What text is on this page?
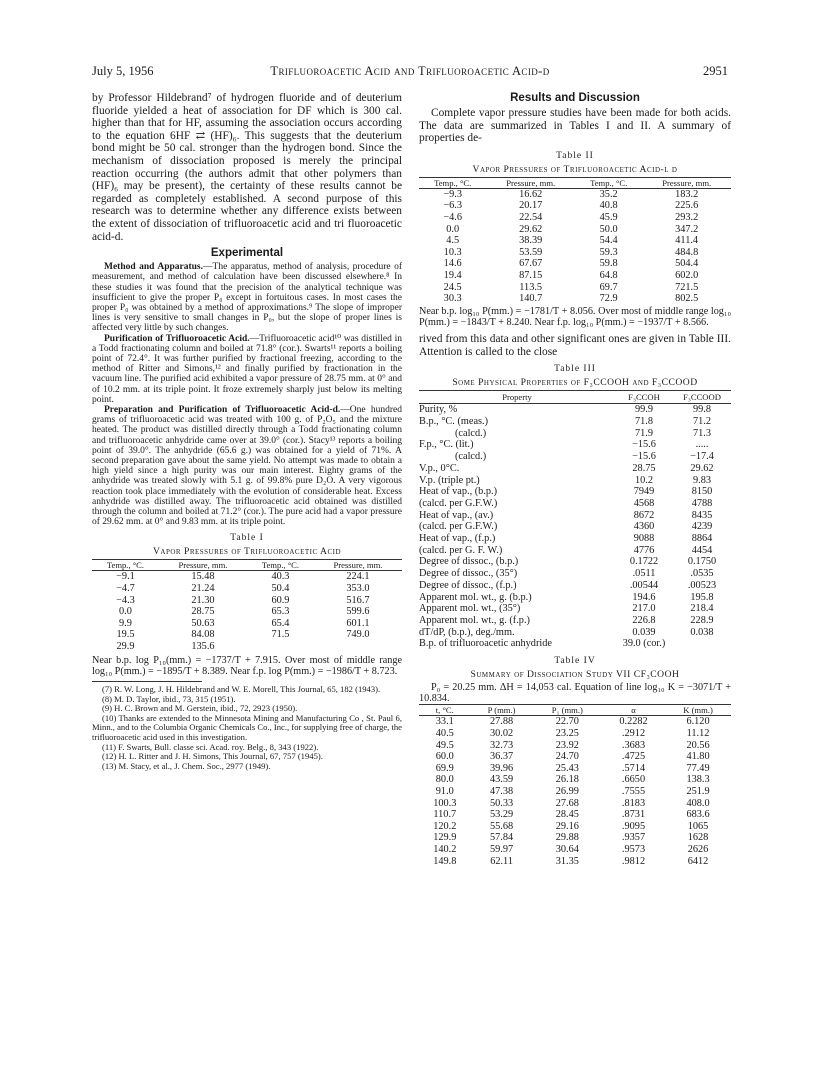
July 5, 1956	Trifluoroacetic Acid and Trifluoroacetic Acid-d	2951

by Professor Hildebrand⁷ of hydrogen fluoride and of deuterium fluoride yielded a heat of association for DF which is 300 cal. higher than that for HF, assuming the association occurs according to the equation 6HF ⇄ (HF)₆. This suggests that the deuterium bond might be 50 cal. stronger than the hydrogen bond. Since the mechanism of dissociation proposed is merely the principal reaction occurring (the authors admit that other polymers than (HF)₆ may be present), the certainty of these results cannot be regarded as completely established. A second purpose of this research was to determine whether any difference exists between the extent of dissociation of trifluoroacetic acid and tri fluoroacetic acid-d.

Experimental

Method and Apparatus.—The apparatus, method of analysis, procedure of measurement, and method of calculation have been discussed elsewhere.⁸ In these studies it was found that the precision of the analytical technique was insufficient to give the proper P₀ except in fortuitous cases. In most cases the proper P₀ was obtained by a method of approximations.⁹ The slope of improper lines is very sensitive to small changes in P₀, but the slope of proper lines is affected very little by such changes.

Purification of Trifluoroacetic Acid.—Trifluoroacetic acid¹⁰ was distilled in a Todd fractionating column and boiled at 71.8° (cor.). Swarts¹¹ reports a boiling point of 72.4°. It was further purified by fractional freezing, according to the method of Ritter and Simons,¹² and finally purified by fractionation in the vacuum line. The purified acid exhibited a vapor pressure of 28.75 mm. at 0° and of 10.2 mm. at its triple point. It froze extremely sharply just below its melting point.

Preparation and Purification of Trifluoroacetic Acid-d.—One hundred grams of trifluoroacetic acid was treated with 100 g. of P₂O₅ and the mixture heated. The product was distilled directly through a Todd fractionating column and trifluoroacetic anhydride came over at 39.0° (cor.). Stacy¹³ reports a boiling point of 39.0°. The anhydride (65.6 g.) was obtained for a yield of 71%. A second preparation gave about the same yield. No attempt was made to obtain a high yield since a high purity was our main interest. Eighty grams of the anhydride was treated slowly with 5.1 g. of 99.8% pure D₂O. A very vigorous reaction took place immediately with the evolution of considerable heat. Excess anhydride was distilled away. The trifluoroacetic acid obtained was distilled through the column and boiled at 71.2° (cor.). The pure acid had a vapor pressure of 29.62 mm. at 0° and 9.83 mm. at its triple point.

Table I
Vapor Pressures of Trifluoroacetic Acid
Temp., °C.	Pressure, mm.	Temp., °C.	Pressure, mm.
−9.1	15.48	40.3	224.1
−4.7	21.24	50.4	353.0
−4.3	21.30	60.9	516.7
0.0	28.75	65.3	599.6
9.9	50.63	65.4	601.1
19.5	84.08	71.5	749.0
29.9	135.6		

Near b.p. log P₁₀(mm.) = −1737/T + 7.915. Over most of middle range log₁₀ P(mm.) = −1895/T + 8.389. Near f.p. log P(mm.) = −1986/T + 8.723.

(7) R. W. Long, J. H. Hildebrand and W. E. Morell, This Journal, 65, 182 (1943).

(8) M. D. Taylor, ibid., 73, 315 (1951).

(9) H. C. Brown and M. Gerstein, ibid., 72, 2923 (1950).

(10) Thanks are extended to the Minnesota Mining and Manufacturing Co , St. Paul 6, Minn., and to the Columbia Organic Chemicals Co., Inc., for supplying free of charge, the trifluoroacetic acid used in this investigation.

(11) F. Swarts, Bull. classe sci. Acad. roy. Belg., 8, 343 (1922).

(12) H. L. Ritter and J. H. Simons, This Journal, 67, 757 (1945).

(13) M. Stacy, et al., J. Chem. Soc., 2977 (1949).

Results and Discussion

Complete vapor pressure studies have been made for both acids. The data are summarized in Tables I and II. A summary of properties de-

Table II
Vapor Pressures of Trifluoroacetic Acid-l d
Temp., °C.	Pressure, mm.	Temp., °C.	Pressure, mm.
−9.3	16.62	35.2	183.2
−6.3	20.17	40.8	225.6
−4.6	22.54	45.9	293.2
0.0	29.62	50.0	347.2
4.5	38.39	54.4	411.4
10.3	53.59	59.3	484.8
14.6	67.67	59.8	504.4
19.4	87.15	64.8	602.0
24.5	113.5	69.7	721.5
30.3	140.7	72.9	802.5

Near b.p. log₁₀ P(mm.) = −1781/T + 8.056. Over most of middle range log₁₀ P(mm.) = −1843/T + 8.240. Near f.p. log₁₀ P(mm.) = −1937/T + 8.566.

rived from this data and other significant ones are given in Table III. Attention is called to the close

Table III
Some Physical Properties of F₃CCOOH and F₃CCOOD
Property	F₃CCOH	F₃CCOOD
Purity, %	99.9	99.8
B.p., °C. (meas.)	71.8	71.2
(calcd.)	71.9	71.3
F.p., °C. (lit.)	−15.6	.....
(calcd.)	−15.6	−17.4
V.p., 0°C.	28.75	29.62
V.p. (triple pt.)	10.2	9.83
Heat of vap., (b.p.)	7949	8150
(calcd. per G.F.W.)	4568	4788
Heat of vap., (av.)	8672	8435
(calcd. per G.F.W.)	4360	4239
Heat of vap., (f.p.)	9088	8864
(calcd. per G. F. W.)	4776	4454
Degree of dissoc., (b.p.)	0.1722	0.1750
Degree of dissoc., (35°)	.0511	.0535
Degree of dissoc., (f.p.)	.00544	.00523
Apparent mol. wt., g. (b.p.)	194.6	195.8
Apparent mol. wt., (35°)	217.0	218.4
Apparent mol. wt., g. (f.p.)	226.8	228.9
dT/dP, (b.p.), deg./mm.	0.039	0.038
B.p. of trifluoroacetic anhydride	39.0 (cor.)	
Table IV
Summary of Dissociation Study VII CF₃COOH

P₀ = 20.25 mm. ΔH = 14,053 cal. Equation of line log₁₀ K = −3071/T + 10.834.

t, °C.	P (mm.)	P₁ (mm.)	α	K (mm.)
33.1	27.88	22.70	0.2282	6.120
40.5	30.02	23.25	.2912	11.12
49.5	32.73	23.92	.3683	20.56
60.0	36.37	24.70	.4725	41.80
69.9	39.96	25.43	.5714	77.49
80.0	43.59	26.18	.6650	138.3
91.0	47.38	26.99	.7555	251.9
100.3	50.33	27.68	.8183	408.0
110.7	53.29	28.45	.8731	683.6
120.2	55.68	29.16	.9095	1065
129.9	57.84	29.88	.9357	1628
140.2	59.97	30.64	.9573	2626
149.8	62.11	31.35	.9812	6412
